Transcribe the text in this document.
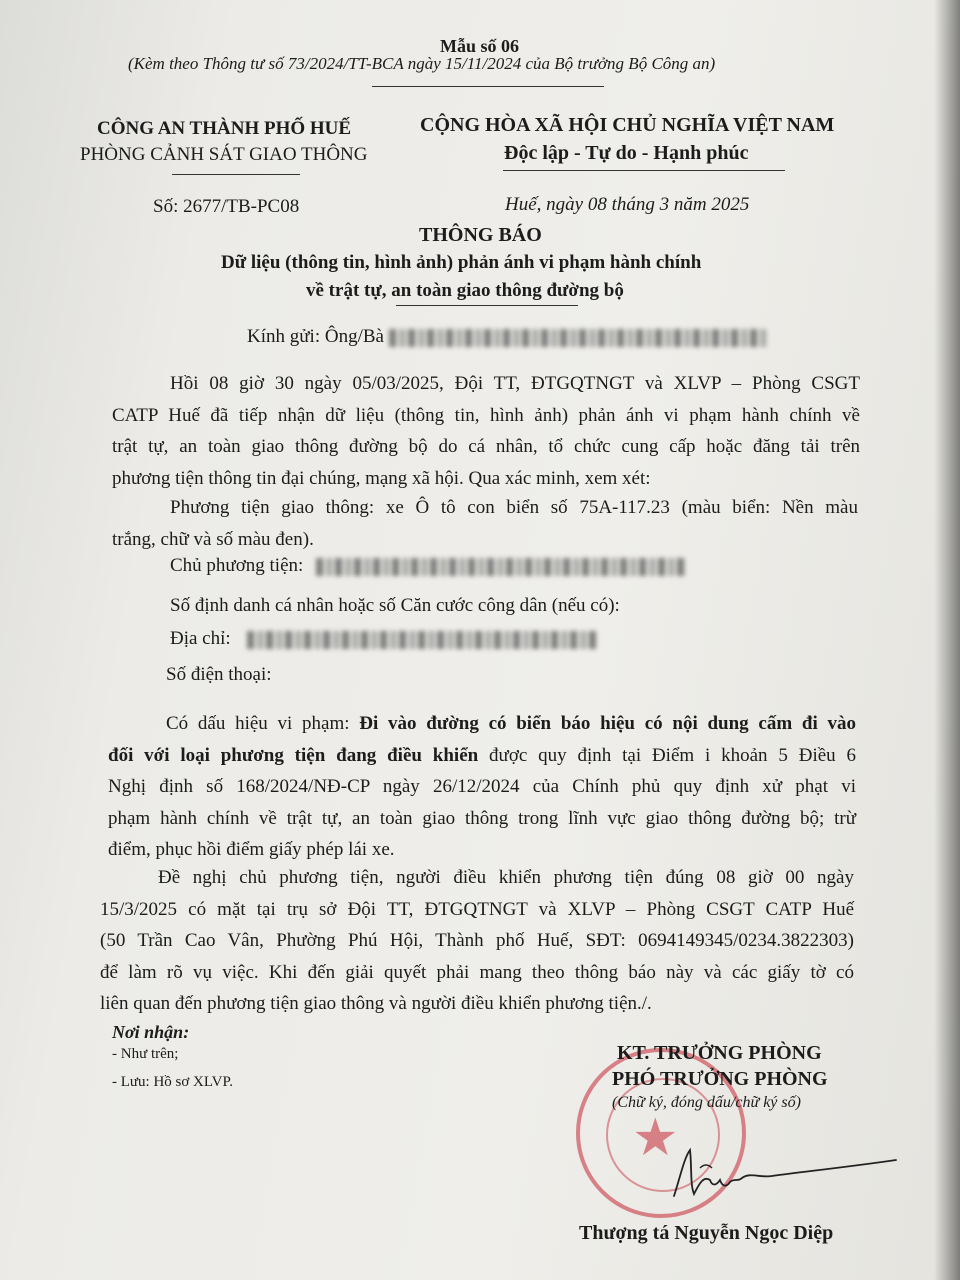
Mẫu số 06
(Kèm theo Thông tư số 73/2024/TT-BCA ngày 15/11/2024 của Bộ trưởng Bộ Công an)
CÔNG AN THÀNH PHỐ HUẾ
PHÒNG CẢNH SÁT GIAO THÔNG
Số: 2677/TB-PC08
CỘNG HÒA XÃ HỘI CHỦ NGHĨA VIỆT NAM
Độc lập - Tự do - Hạnh phúc
Huế, ngày 08 tháng 3 năm 2025
THÔNG BÁO
Dữ liệu (thông tin, hình ảnh) phản ánh vi phạm hành chính
về trật tự, an toàn giao thông đường bộ
Kính gửi: Ông/Bà
Hồi 08 giờ 30 ngày 05/03/2025, Đội TT, ĐTGQTNGT và XLVP – Phòng CSGT
CATP Huế đã tiếp nhận dữ liệu (thông tin, hình ảnh) phản ánh vi phạm hành chính về
trật tự, an toàn giao thông đường bộ do cá nhân, tổ chức cung cấp hoặc đăng tải trên
phương tiện thông tin đại chúng, mạng xã hội. Qua xác minh, xem xét:
Phương tiện giao thông: xe Ô tô con biển số 75A-117.23 (màu biển: Nền màu
trắng, chữ và số màu đen).
Chủ phương tiện:
Số định danh cá nhân hoặc số Căn cước công dân (nếu có):
Địa chỉ:
Số điện thoại:
Có dấu hiệu vi phạm: Đi vào đường có biển báo hiệu có nội dung cấm đi vào
đối với loại phương tiện đang điều khiển được quy định tại Điểm i khoản 5 Điều 6
Nghị định số 168/2024/NĐ-CP ngày 26/12/2024 của Chính phủ quy định xử phạt vi
phạm hành chính về trật tự, an toàn giao thông trong lĩnh vực giao thông đường bộ; trừ
điểm, phục hồi điểm giấy phép lái xe.
Đề nghị chủ phương tiện, người điều khiển phương tiện đúng 08 giờ 00 ngày
15/3/2025 có mặt tại trụ sở Đội TT, ĐTGQTNGT và XLVP – Phòng CSGT CATP Huế
(50 Trần Cao Vân, Phường Phú Hội, Thành phố Huế, SĐT: 0694149345/0234.3822303)
để làm rõ vụ việc. Khi đến giải quyết phải mang theo thông báo này và các giấy tờ có
liên quan đến phương tiện giao thông và người điều khiển phương tiện./.
Nơi nhận:
- Như trên;
- Lưu: Hồ sơ XLVP.
★
KT. TRƯỞNG PHÒNG
PHÓ TRƯỞNG PHÒNG
(Chữ ký, đóng dấu/chữ ký số)
Thượng tá Nguyễn Ngọc Diệp
